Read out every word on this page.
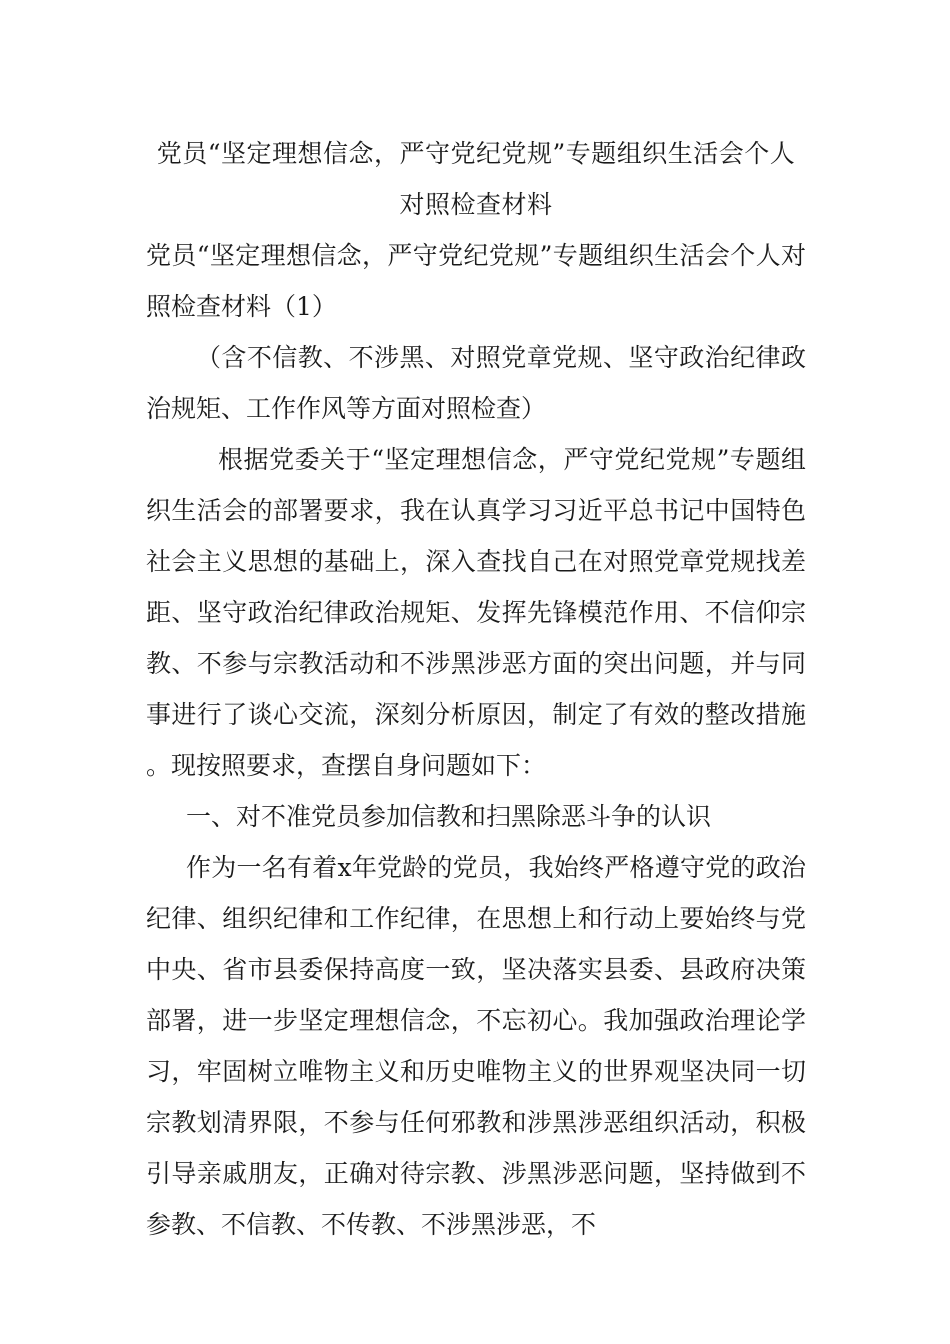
党员“坚定理想信念，严守党纪党规”专题组织生活会个人对照检查材料

党员“坚定理想信念，严守党纪党规”专题组织生活会个人对照检查材料（1）

（含不信教、不涉黑、对照党章党规、坚守政治纪律政治规矩、工作作风等方面对照检查）

根据党委关于“坚定理想信念，严守党纪党规”专题组织生活会的部署要求，我在认真学习习近平总书记中国特色社会主义思想的基础上，深入查找自己在对照党章党规找差距、坚守政治纪律政治规矩、发挥先锋模范作用、不信仰宗教、不参与宗教活动和不涉黑涉恶方面的突出问题，并与同事进行了谈心交流，深刻分析原因，制定了有效的整改措施。现按照要求，查摆自身问题如下：

一、对不准党员参加信教和扫黑除恶斗争的认识

作为一名有着x年党龄的党员，我始终严格遵守党的政治纪律、组织纪律和工作纪律，在思想上和行动上要始终与党中央、省市县委保持高度一致，坚决落实县委、县政府决策部署，进一步坚定理想信念，不忘初心。我加强政治理论学习，牢固树立唯物主义和历史唯物主义的世界观坚决同一切宗教划清界限，不参与任何邪教和涉黑涉恶组织活动，积极引导亲戚朋友，正确对待宗教、涉黑涉恶问题，坚持做到不参教、不信教、不传教、不涉黑涉恶，不
